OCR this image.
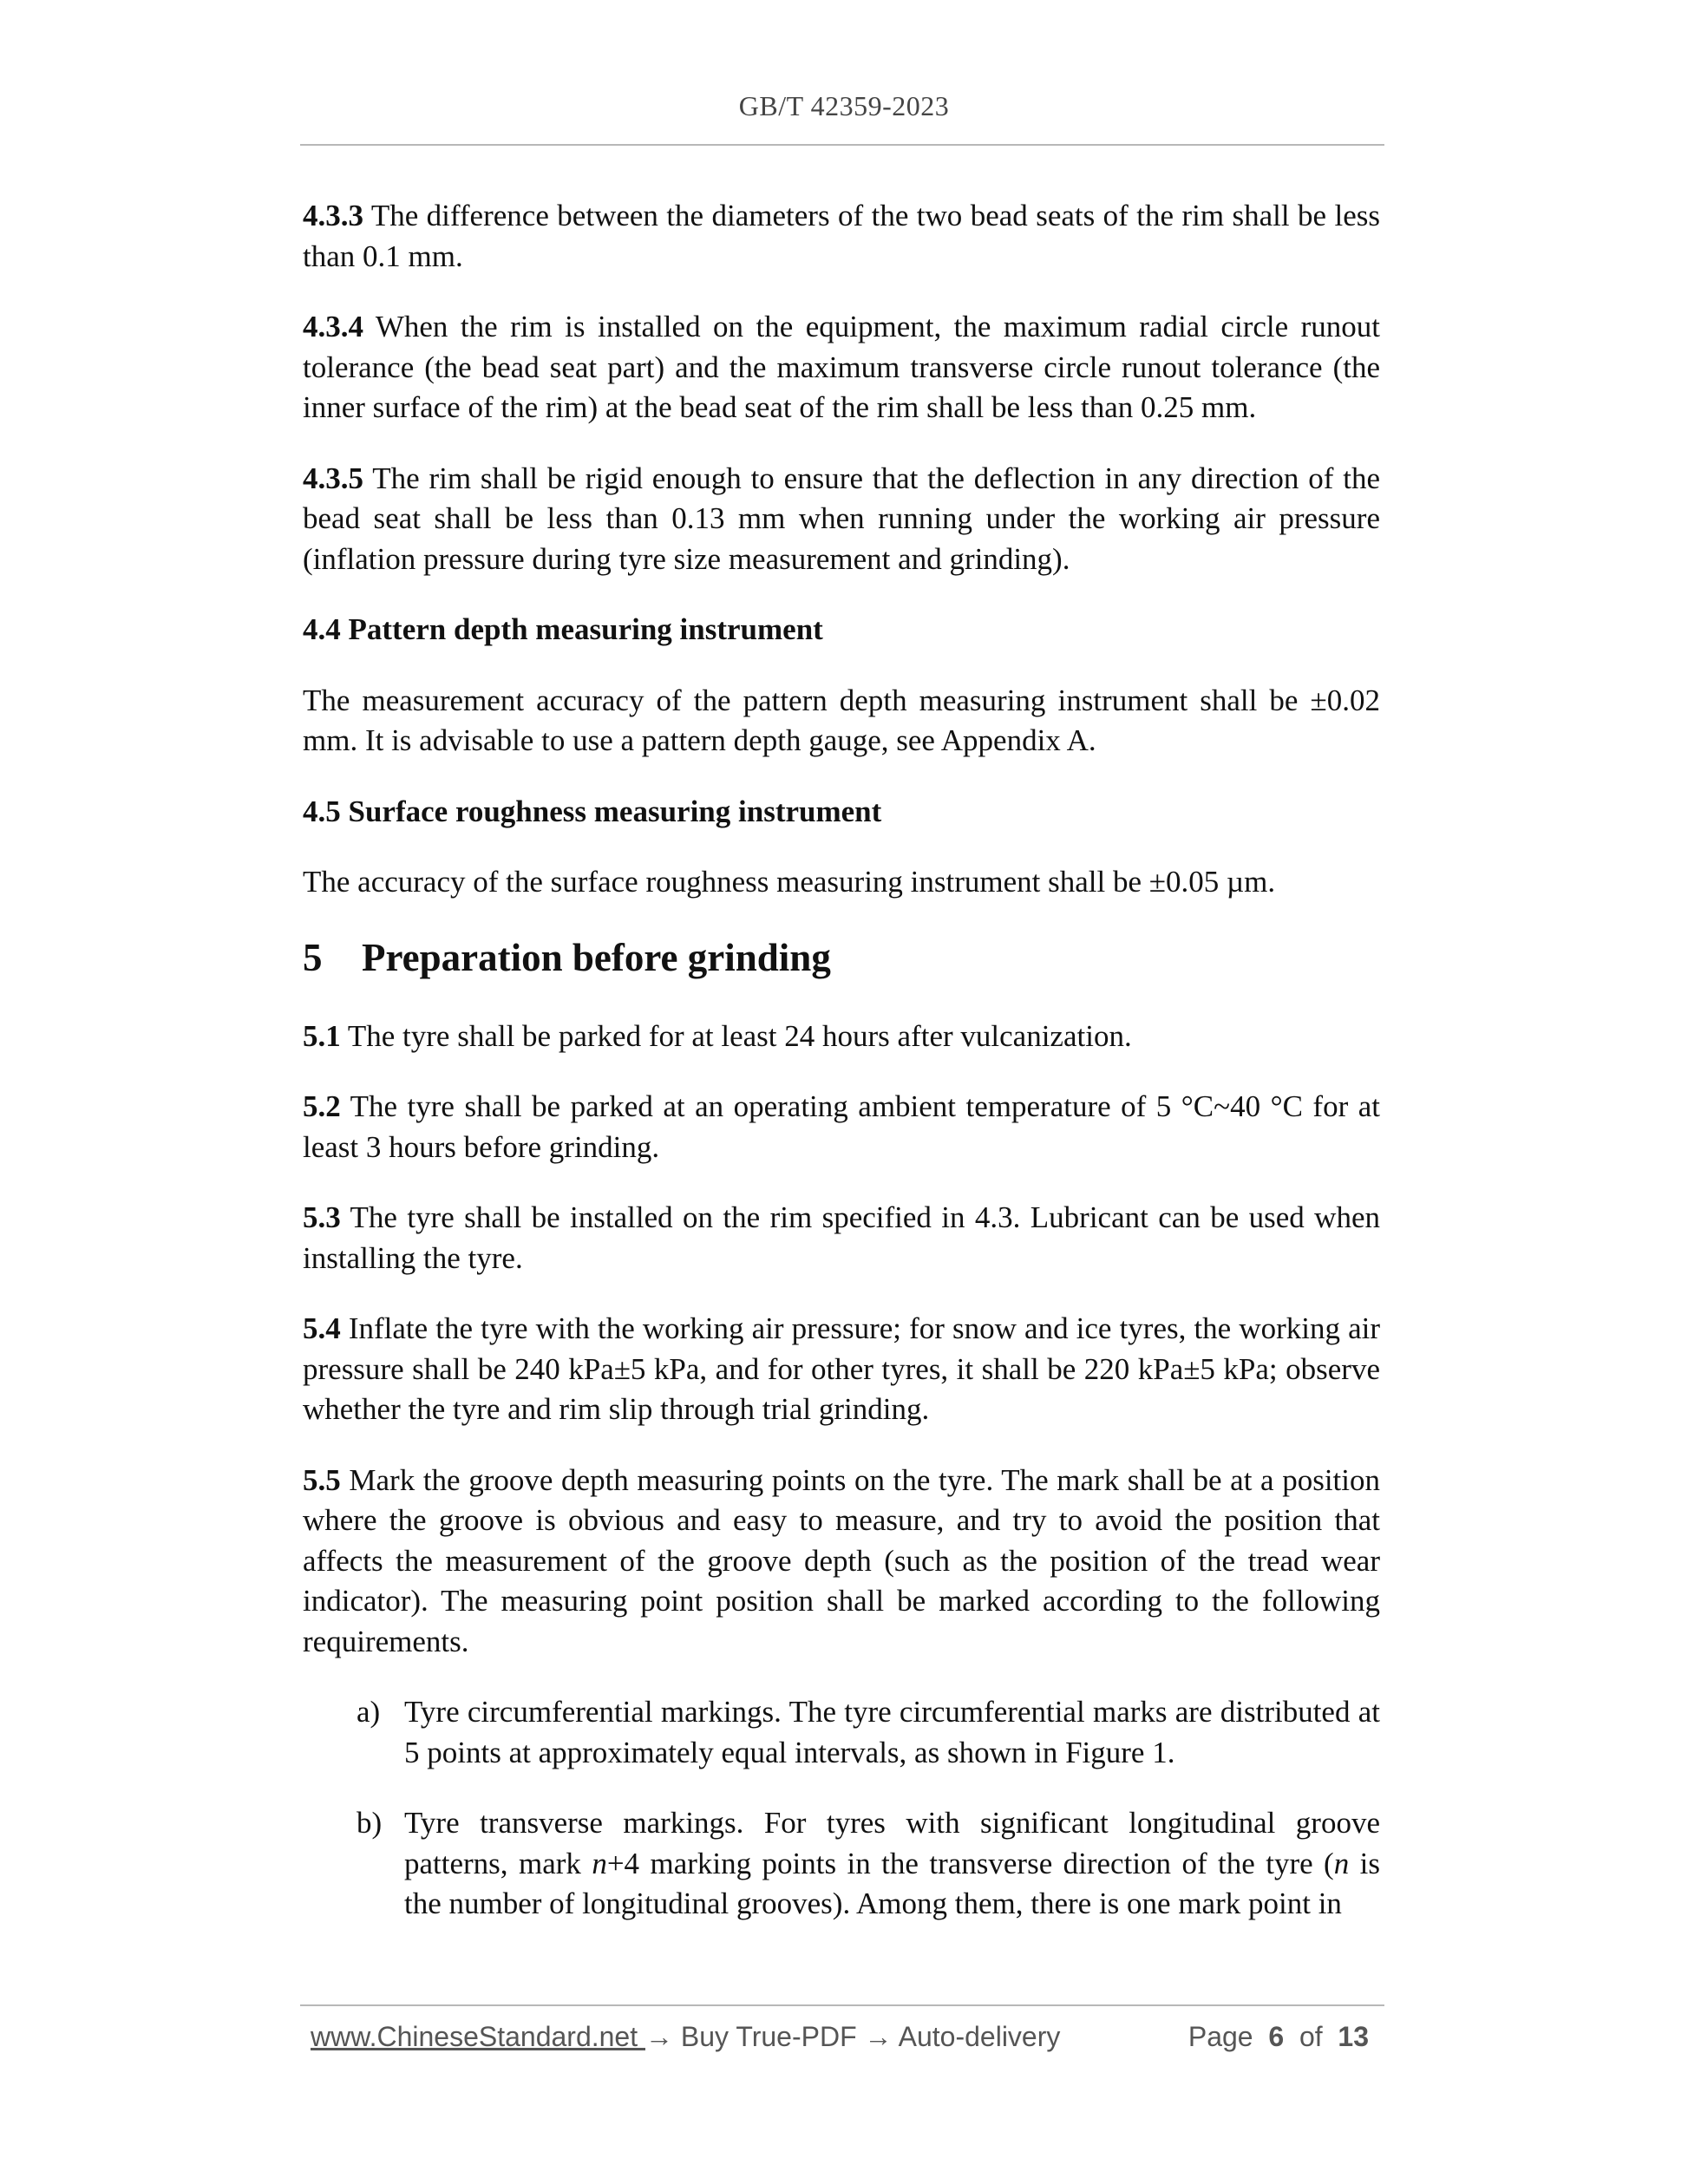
GB/T 42359-2023

4.3.3 The difference between the diameters of the two bead seats of the rim shall be less than 0.1 mm.

4.3.4 When the rim is installed on the equipment, the maximum radial circle runout tolerance (the bead seat part) and the maximum transverse circle runout tolerance (the inner surface of the rim) at the bead seat of the rim shall be less than 0.25 mm.

4.3.5 The rim shall be rigid enough to ensure that the deflection in any direction of the bead seat shall be less than 0.13 mm when running under the working air pressure (inflation pressure during tyre size measurement and grinding).

4.4 Pattern depth measuring instrument

The measurement accuracy of the pattern depth measuring instrument shall be ±0.02 mm. It is advisable to use a pattern depth gauge, see Appendix A.

4.5 Surface roughness measuring instrument

The accuracy of the surface roughness measuring instrument shall be ±0.05 µm.

5 Preparation before grinding

5.1 The tyre shall be parked for at least 24 hours after vulcanization.

5.2 The tyre shall be parked at an operating ambient temperature of 5 °C~40 °C for at least 3 hours before grinding.

5.3 The tyre shall be installed on the rim specified in 4.3. Lubricant can be used when installing the tyre.

5.4 Inflate the tyre with the working air pressure; for snow and ice tyres, the working air pressure shall be 240 kPa±5 kPa, and for other tyres, it shall be 220 kPa±5 kPa; observe whether the tyre and rim slip through trial grinding.

5.5 Mark the groove depth measuring points on the tyre. The mark shall be at a position where the groove is obvious and easy to measure, and try to avoid the position that affects the measurement of the groove depth (such as the position of the tread wear indicator). The measuring point position shall be marked according to the following requirements.

a) Tyre circumferential markings. The tyre circumferential marks are distributed at 5 points at approximately equal intervals, as shown in Figure 1.

b) Tyre transverse markings. For tyres with significant longitudinal groove patterns, mark n+4 marking points in the transverse direction of the tyre (n is the number of longitudinal grooves). Among them, there is one mark point in

www.ChineseStandard.net → Buy True-PDF → Auto-delivery	Page 6 of 13
